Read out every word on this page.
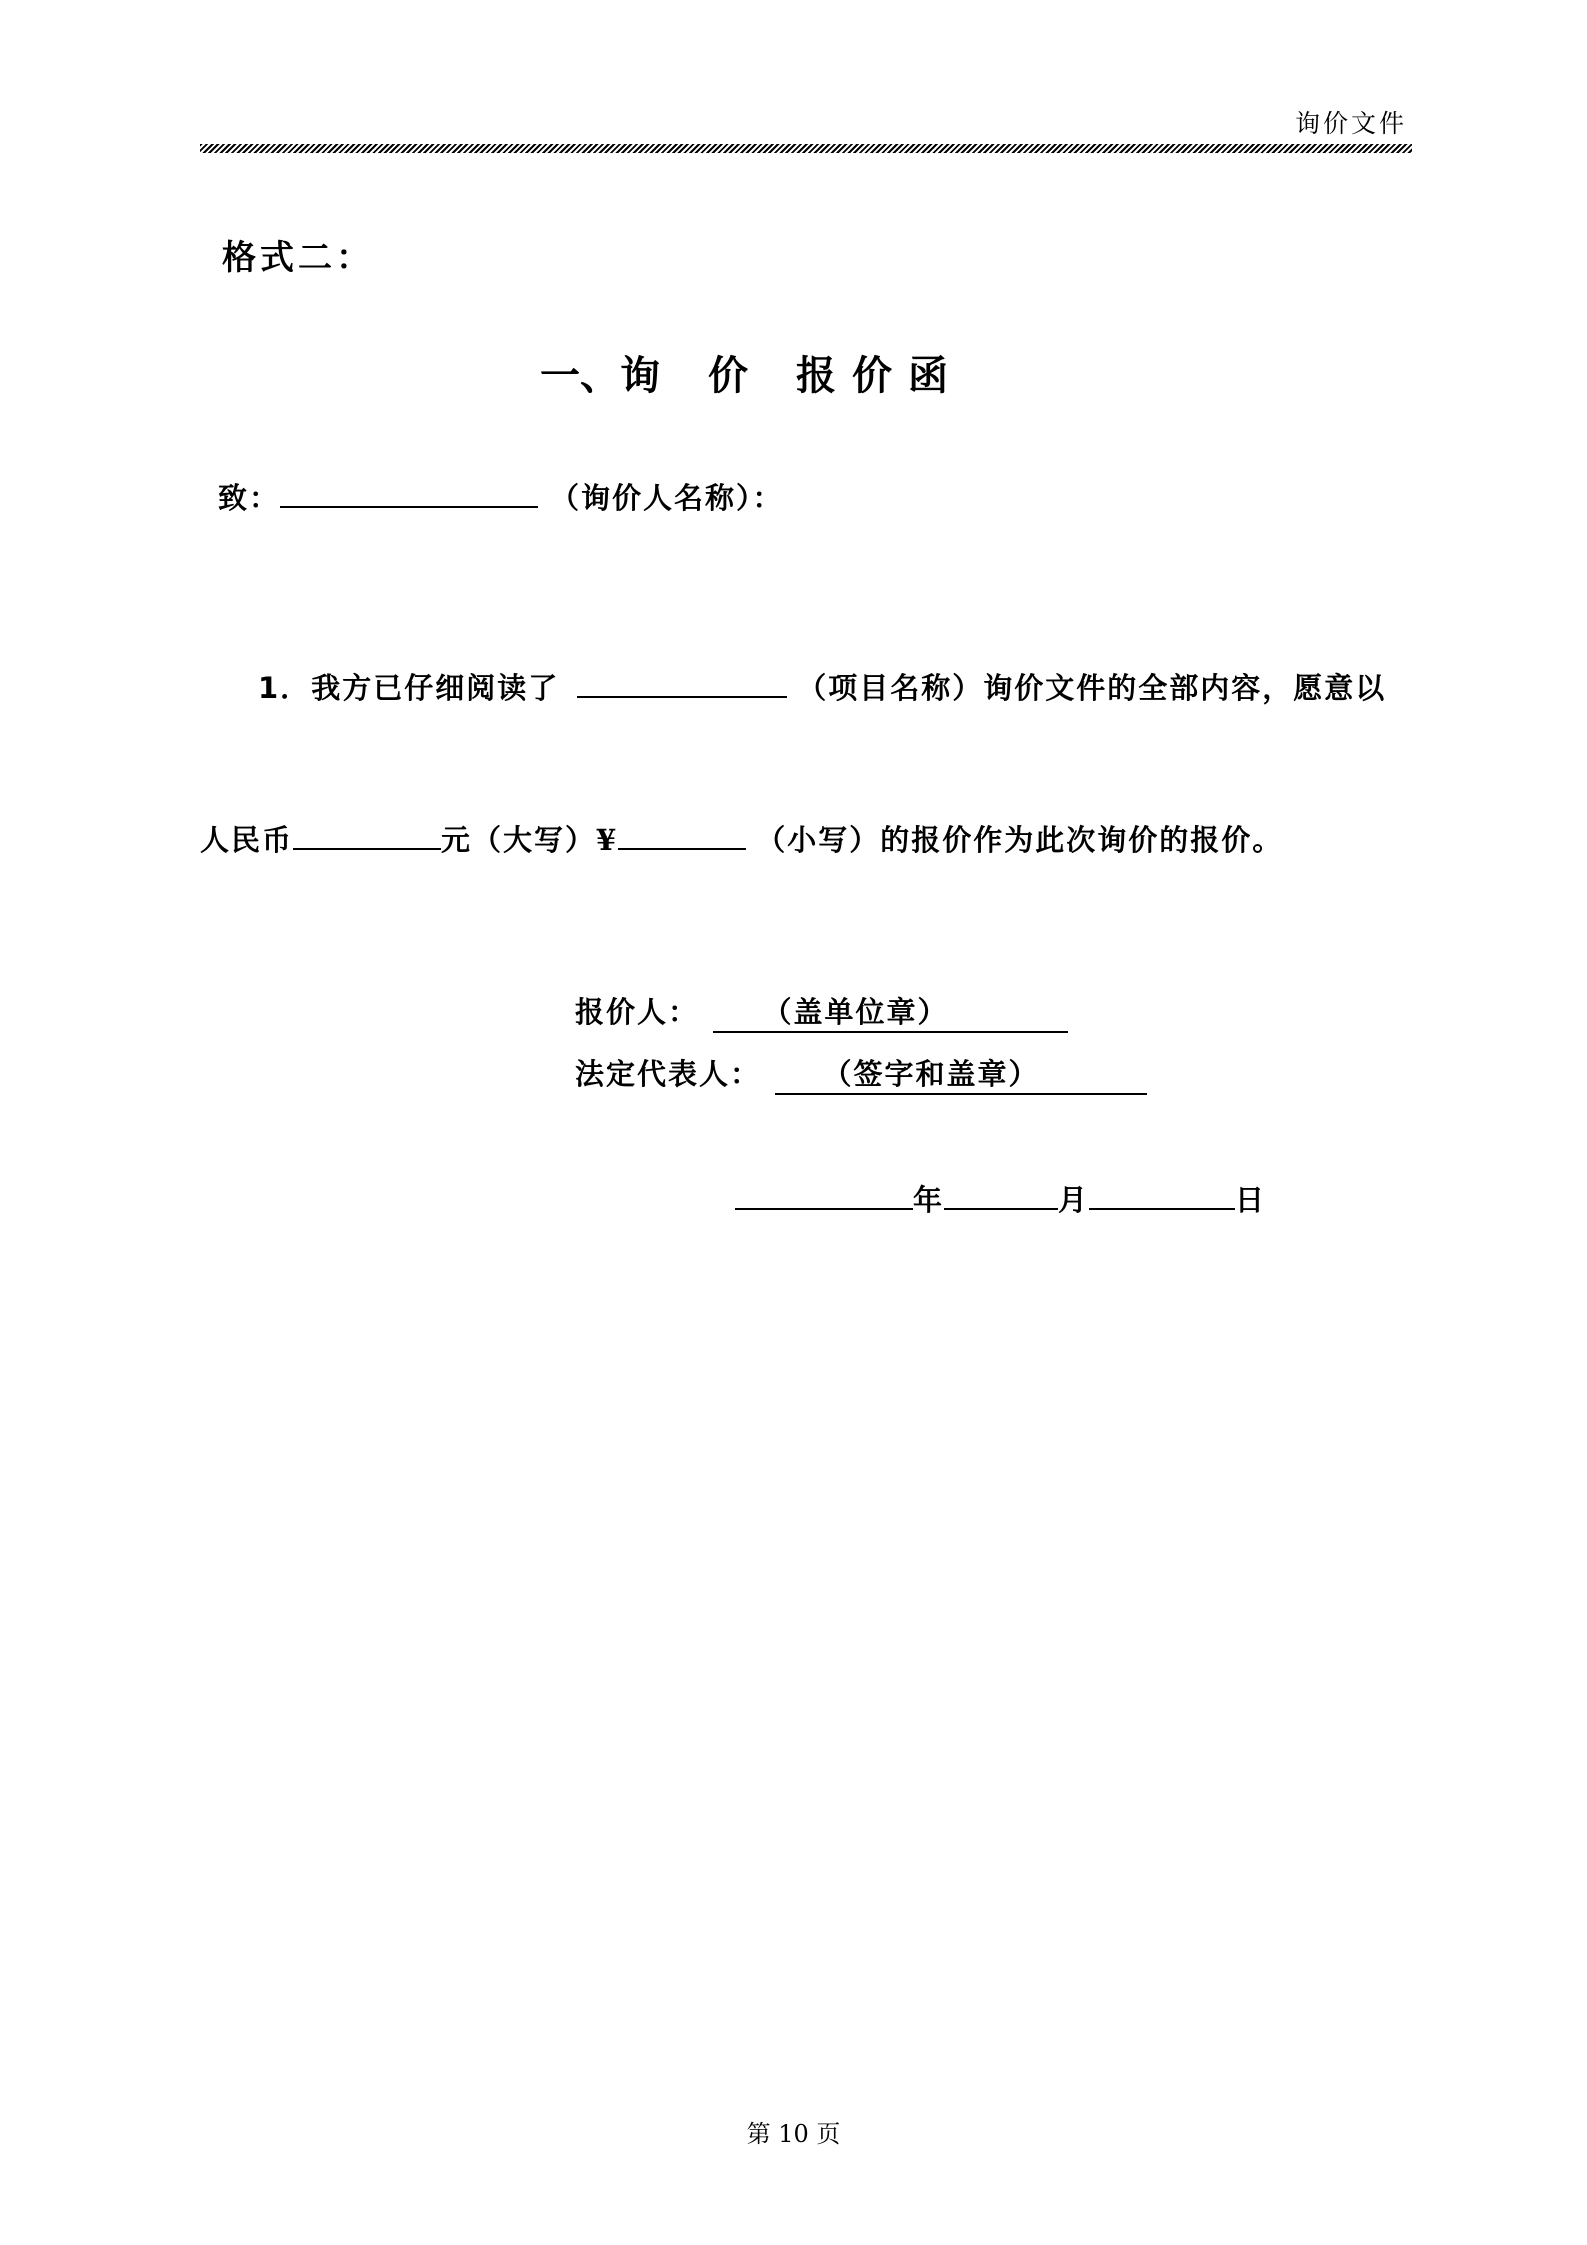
询价文件
格式二：
一、询 价 报 价 函
致：	（询价人名称）：
1．我方已仔细阅读了	（项目名称）询价文件的全部内容，愿意以
人民币	元（大写）¥	（小写）的报价作为此次询价的报价。
报价人： （盖单位章）
法定代表人： （签字和盖章）
年	月	日
第 10 页
